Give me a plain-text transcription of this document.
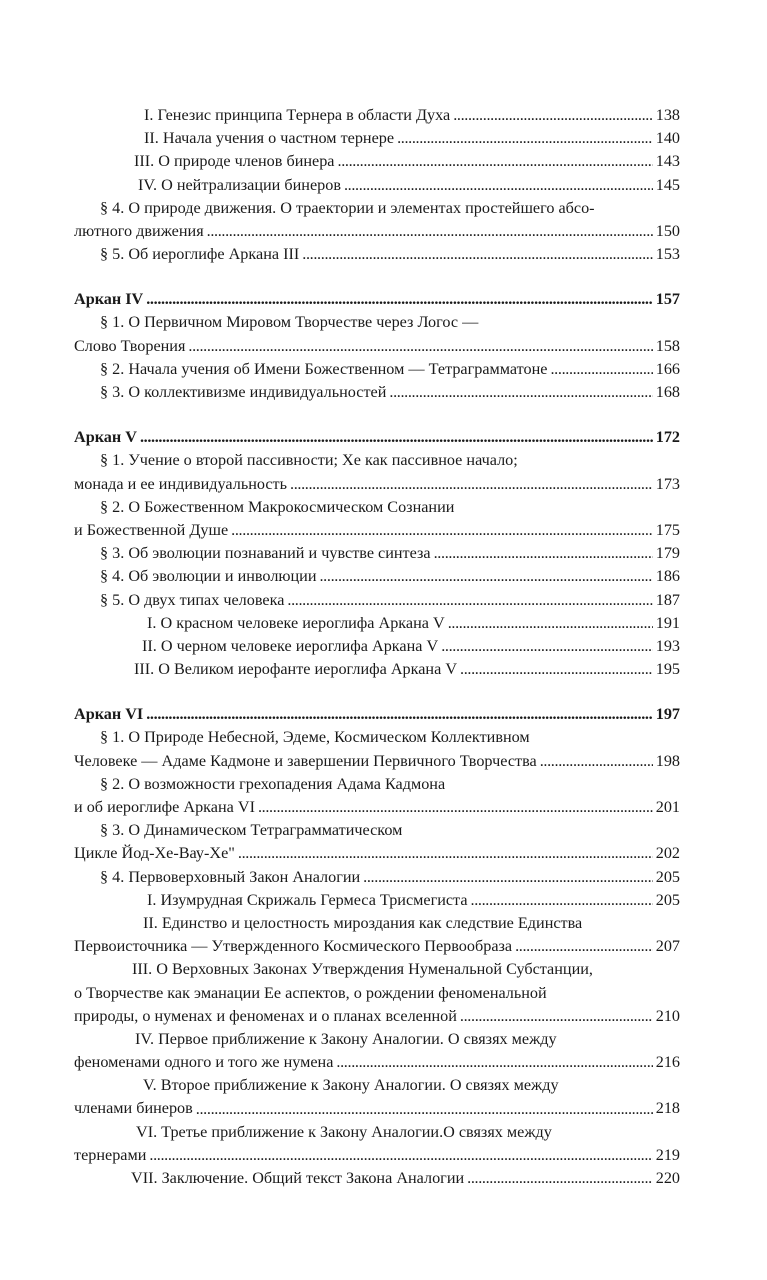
I. Генезис принципа Тернера в области Духа . . .	138
II. Начала учения о частном тернере . . .	140
III. О природе членов бинера . . .	143
IV. О нейтрализации бинеров . . .	145
§ 4. О природе движения. О траектории и элементах простейшего абсо-
лютного движения . . .	150
§ 5. Об иероглифе Аркана III . . .	153
Аркан IV . . .	157
§ 1. О Первичном Мировом Творчестве через Логос —
Слово Творения . . .	158
§ 2. Начала учения об Имени Божественном — Тетраграмматоне . . .	166
§ 3. О коллективизме индивидуальностей . . .	168
Аркан V . . .	172
§ 1. Учение о второй пассивности; Хе как пассивное начало;
монада и ее индивидуальность . . .	173
§ 2. О Божественном Макрокосмическом Сознании
и Божественной Душе . . .	175
§ 3. Об эволюции познаваний и чувстве синтеза . . .	179
§ 4. Об эволюции и инволюции . . .	186
§ 5. О двух типах человека . . .	187
I. О красном человеке иероглифа Аркана V . . .	191
II. О черном человеке иероглифа Аркана V . . .	193
III. О Великом иерофанте иероглифа Аркана V . . .	195
Аркан VI . . .	197
§ 1. О Природе Небесной, Эдеме, Космическом Коллективном
Человеке — Адаме Кадмоне и завершении Первичного Творчества . . .	198
§ 2. О возможности грехопадения Адама Кадмона
и об иероглифе Аркана VI . . .	201
§ 3. О Динамическом Тетраграмматическом
Цикле Йод-Хе-Вау-Хе" . . .	202
§ 4. Первоверховный Закон Аналогии . . .	205
I. Изумрудная Скрижаль Гермеса Трисмегиста . . .	205
II. Единство и целостность мироздания как следствие Единства
Первоисточника — Утвержденного Космического Первообраза . . .	207
III. О Верховных Законах Утверждения Нуменальной Субстанции,
о Творчестве как эманации Ее аспектов, о рождении феноменальной
природы, о нуменах и феноменах и о планах вселенной . . .	210
IV. Первое приближение к Закону Аналогии. О связях между
феноменами одного и того же нумена . . .	216
V. Второе приближение к Закону Аналогии. О связях между
членами бинеров . . .	218
VI. Третье приближение к Закону Аналогии.О связях между
тернерами . . .	219
VII. Заключение. Общий текст Закона Аналогии . . .	220
